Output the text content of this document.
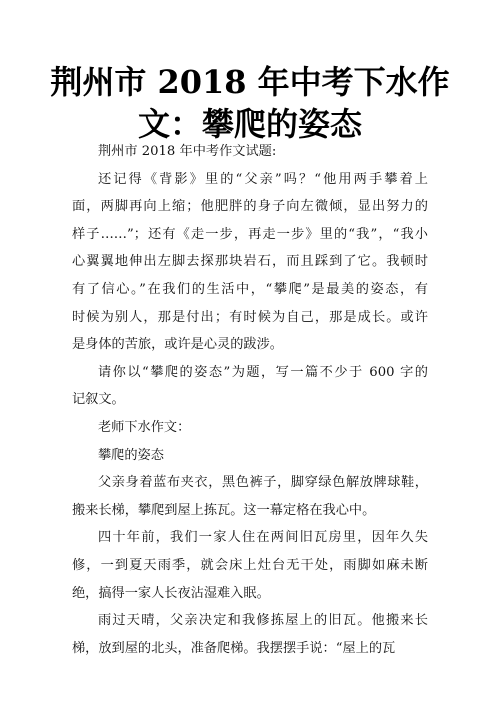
荆州市 2018 年中考下水作
文：攀爬的姿态

荆州市 2018 年中考作文试题:

还记得《背影》里的“父亲”吗？“他用两手攀着上
面，两脚再向上缩；他肥胖的身子向左微倾，显出努力的
样子……”；还有《走一步，再走一步》里的“我”，“我小
心翼翼地伸出左脚去探那块岩石，而且踩到了它。我顿时
有了信心。”在我们的生活中，“攀爬”是最美的姿态，有
时候为别人，那是付出；有时候为自己，那是成长。或许
是身体的苦旅，或许是心灵的跋涉。

请你以“攀爬的姿态”为题，写一篇不少于 600 字的
记叙文。

老师下水作文：

攀爬的姿态

父亲身着蓝布夹衣，黑色裤子，脚穿绿色解放牌球鞋，
搬来长梯，攀爬到屋上拣瓦。这一幕定格在我心中。

四十年前，我们一家人住在两间旧瓦房里，因年久失
修，一到夏天雨季，就会床上灶台无干处，雨脚如麻未断
绝，搞得一家人长夜沾湿难入眠。

雨过天晴，父亲决定和我修拣屋上的旧瓦。他搬来长
梯，放到屋的北头，准备爬梯。我摆摆手说：“屋上的瓦
